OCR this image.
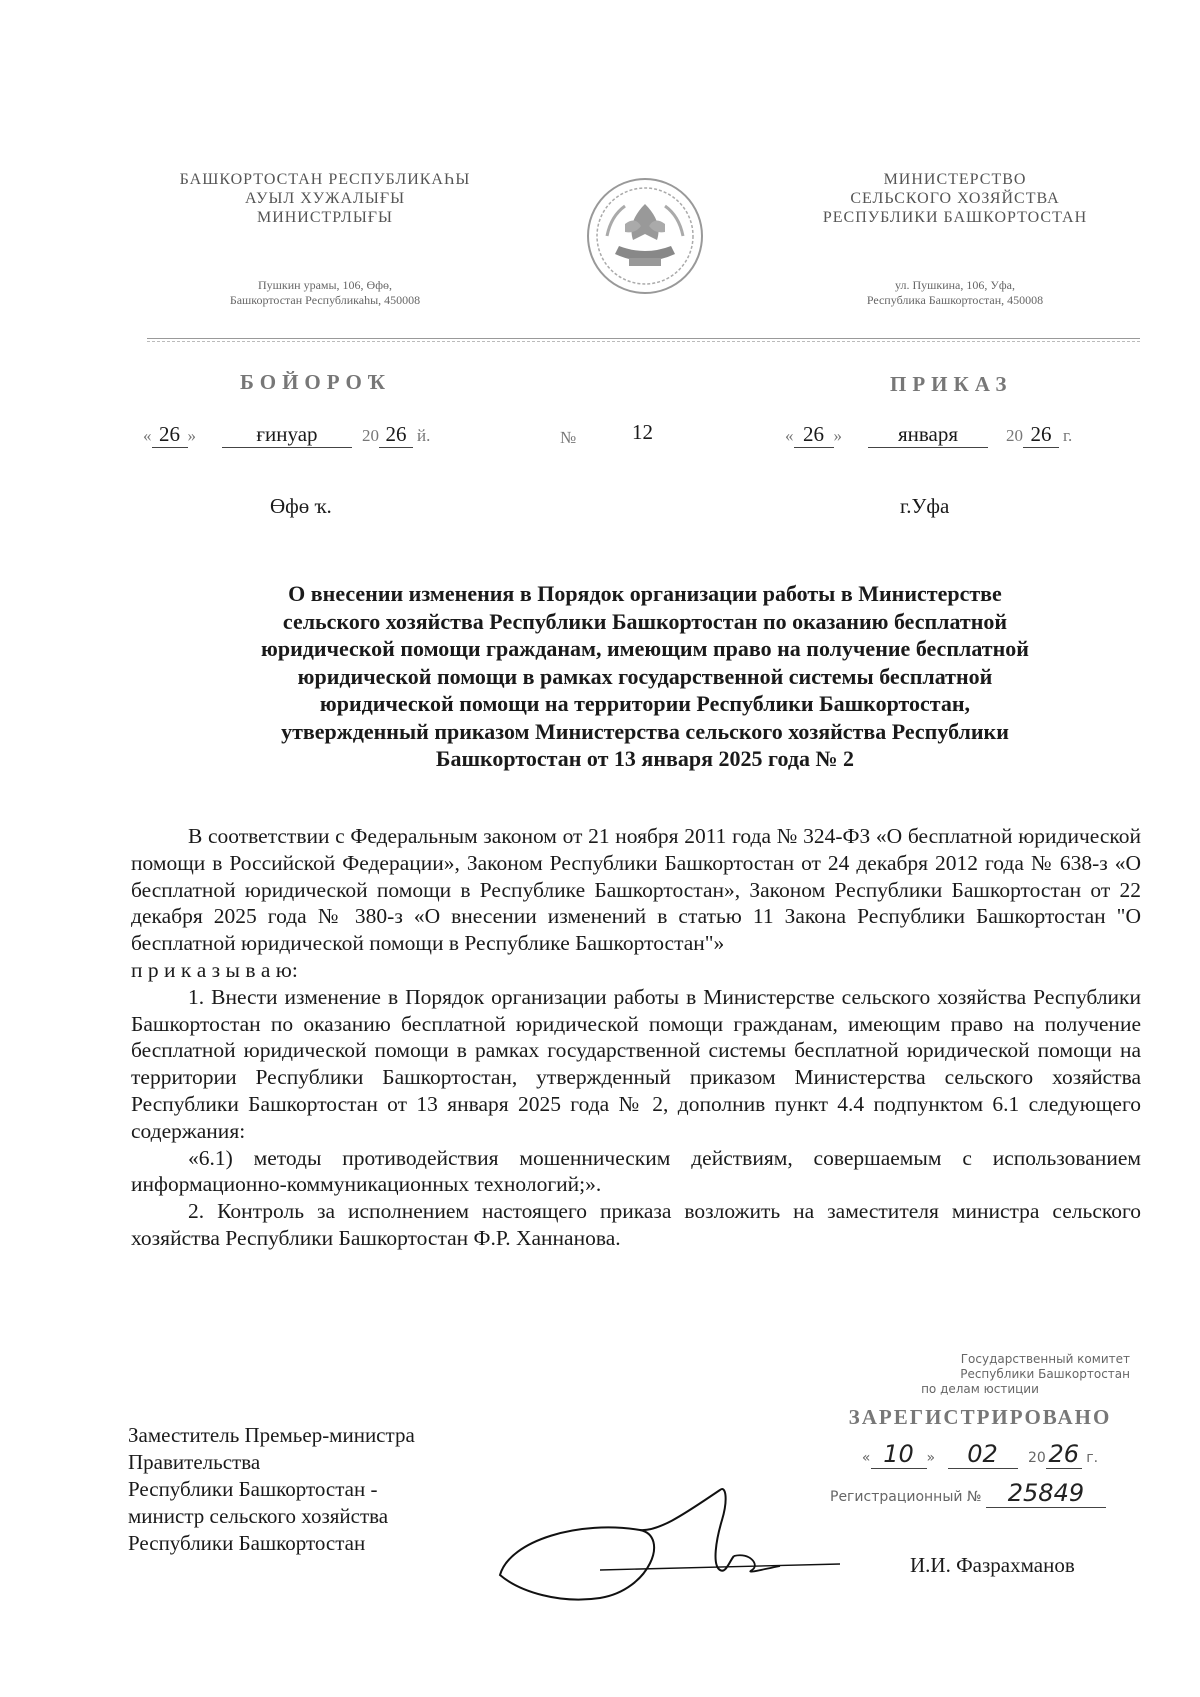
БАШКОРТОСТАН РЕСПУБЛИКАҺЫ
АУЫЛ ХУЖАЛЫҒЫ
МИНИСТРЛЫҒЫ
Пушкин урамы, 106, Өфө,
Башкортостан Республикаһы, 450008
МИНИСТЕРСТВО
СЕЛЬСКОГО ХОЗЯЙСТВА
РЕСПУБЛИКИ БАШКОРТОСТАН
ул. Пушкина, 106, Уфа,
Республика Башкортостан, 450008
БОЙОРОҠ	ПРИКАЗ
« 26 »	ғинуар	20 26 й.	№	12	« 26 »	января	20 26 г.
Өфө ҡ.	г.Уфа
О внесении изменения в Порядок организации работы в Министерстве
сельского хозяйства Республики Башкортостан по оказанию бесплатной
юридической помощи гражданам, имеющим право на получение бесплатной
юридической помощи в рамках государственной системы бесплатной
юридической помощи на территории Республики Башкортостан,
утвержденный приказом Министерства сельского хозяйства Республики
Башкортостан от 13 января 2025 года № 2

В соответствии с Федеральным законом от 21 ноября 2011 года № 324-ФЗ «О бесплатной юридической помощи в Российской Федерации», Законом Республики Башкортостан от 24 декабря 2012 года № 638-з «О бесплатной юридической помощи в Республике Башкортостан», Законом Республики Башкортостан от 22 декабря 2025 года № 380-з «О внесении изменений в статью 11 Закона Республики Башкортостан "О бесплатной юридической помощи в Республике Башкортостан"»

п р и к а з ы в а ю:

1. Внести изменение в Порядок организации работы в Министерстве сельского хозяйства Республики Башкортостан по оказанию бесплатной юридической помощи гражданам, имеющим право на получение бесплатной юридической помощи в рамках государственной системы бесплатной юридической помощи на территории Республики Башкортостан, утвержденный приказом Министерства сельского хозяйства Республики Башкортостан от 13 января 2025 года № 2, дополнив пункт 4.4 подпунктом 6.1 следующего содержания:

«6.1) методы противодействия мошенническим действиям, совершаемым с использованием информационно-коммуникационных технологий;».

2. Контроль за исполнением настоящего приказа возложить на заместителя министра сельского хозяйства Республики Башкортостан Ф.Р. Ханнанова.

Государственный комитет
Республики Башкортостан
по делам юстиции
ЗАРЕГИСТРИРОВАНО
« 10 » 02 20 26 г.
Регистрационный № 25849
Заместитель Премьер-министра
Правительства
Республики Башкортостан -
министр сельского хозяйства
Республики Башкортостан
И.И. Фазрахманов
